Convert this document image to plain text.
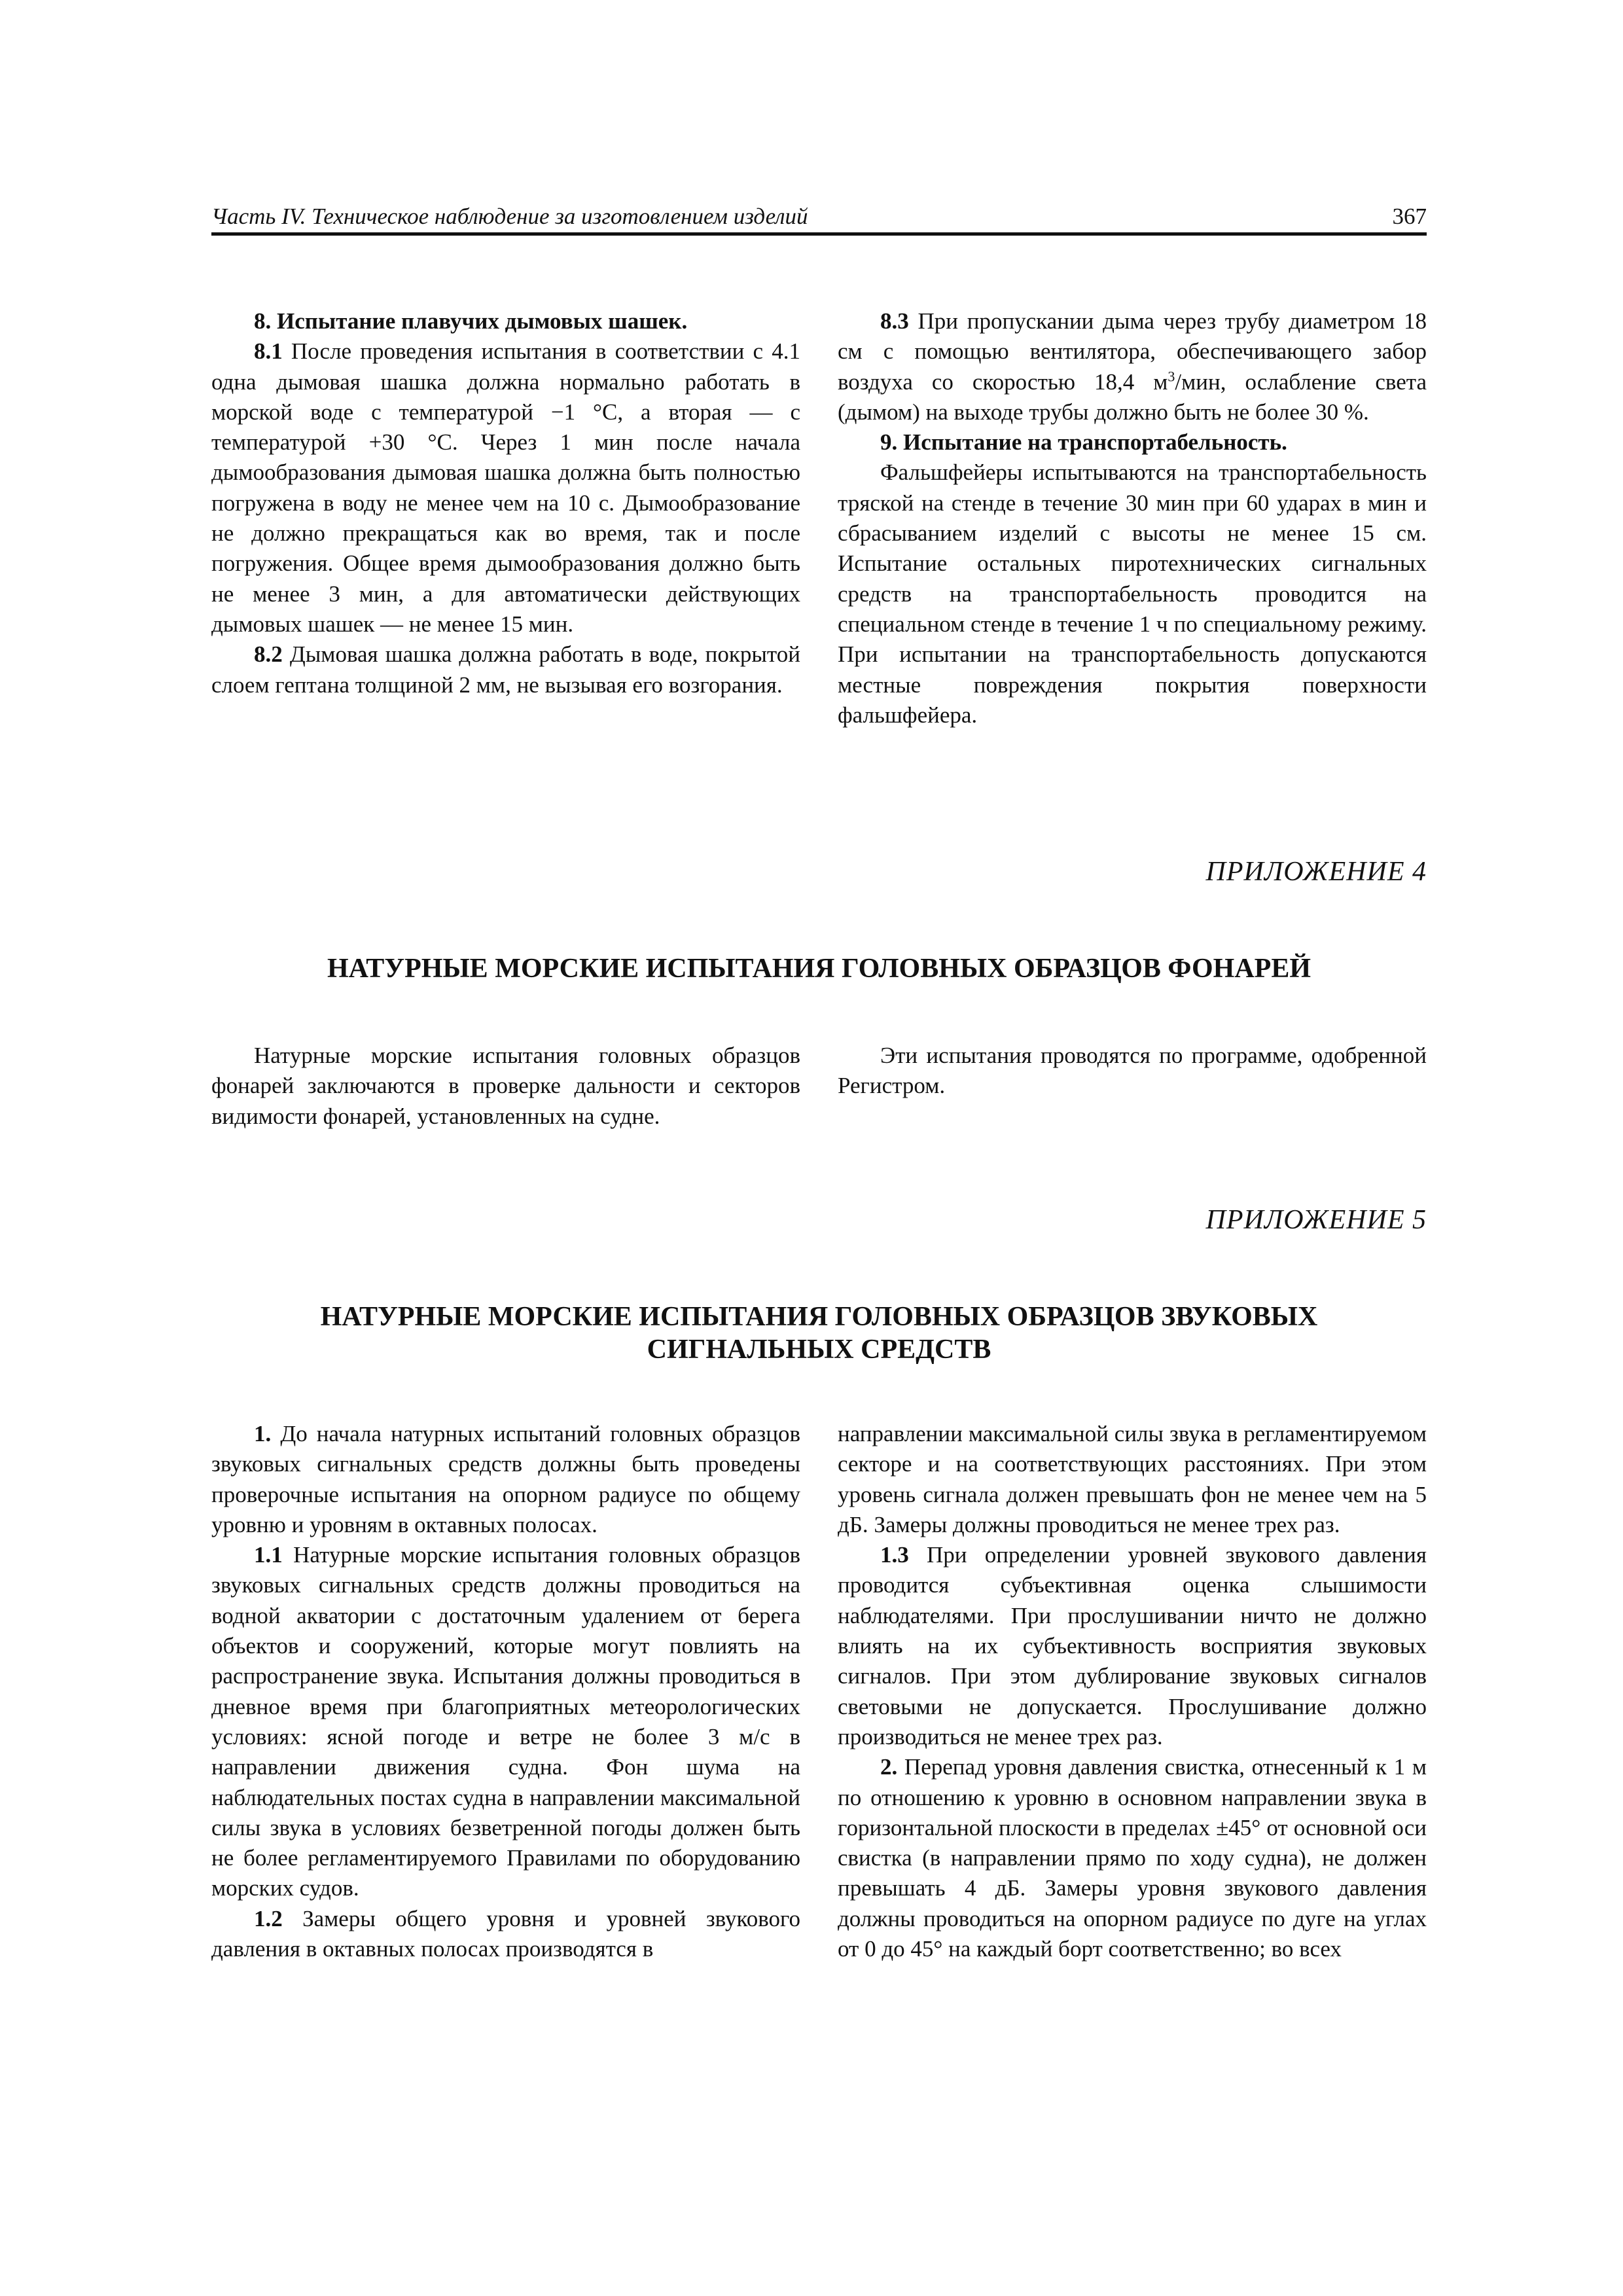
Часть IV. Техническое наблюдение за изготовлением изделий	367

8. Испытание плавучих дымовых шашек.

8.1 После проведения испытания в соответствии с 4.1 одна дымовая шашка должна нормально работать в морской воде с температурой −1 °C, а вторая — с температурой +30 °C. Через 1 мин после начала дымообразования дымовая шашка должна быть полностью погружена в воду не менее чем на 10 с. Дымообразование не должно прекращаться как во время, так и после погружения. Общее время дымообразования должно быть не менее 3 мин, а для автоматически действующих дымовых шашек — не менее 15 мин.

8.2 Дымовая шашка должна работать в воде, покрытой слоем гептана толщиной 2 мм, не вызывая его возгорания.

8.3 При пропускании дыма через трубу диаметром 18 см с помощью вентилятора, обеспечивающего забор воздуха со скоростью 18,4 $м^3$/мин, ослабление света (дымом) на выходе трубы должно быть не более 30 %.

9. Испытание на транспортабельность.

Фальшфейеры испытываются на транспортабельность тряской на стенде в течение 30 мин при 60 ударах в мин и сбрасыванием изделий с высоты не менее 15 см. Испытание остальных пиротехнических сигнальных средств на транспортабельность проводится на специальном стенде в течение 1 ч по специальному режиму. При испытании на транспортабельность допускаются местные повреждения покрытия поверхности фальшфейера.

ПРИЛОЖЕНИЕ 4
НАТУРНЫЕ МОРСКИЕ ИСПЫТАНИЯ ГОЛОВНЫХ ОБРАЗЦОВ ФОНАРЕЙ

Натурные морские испытания головных образцов фонарей заключаются в проверке дальности и секторов видимости фонарей, установленных на судне.

Эти испытания проводятся по программе, одобренной Регистром.

ПРИЛОЖЕНИЕ 5
НАТУРНЫЕ МОРСКИЕ ИСПЫТАНИЯ ГОЛОВНЫХ ОБРАЗЦОВ ЗВУКОВЫХ
СИГНАЛЬНЫХ СРЕДСТВ

1. До начала натурных испытаний головных образцов звуковых сигнальных средств должны быть проведены проверочные испытания на опорном радиусе по общему уровню и уровням в октавных полосах.

1.1 Натурные морские испытания головных образцов звуковых сигнальных средств должны проводиться на водной акватории с достаточным удалением от берега объектов и сооружений, которые могут повлиять на распространение звука. Испытания должны проводиться в дневное время при благоприятных метеорологических условиях: ясной погоде и ветре не более 3 м/с в направлении движения судна. Фон шума на наблюдательных постах судна в направлении максимальной силы звука в условиях безветренной погоды должен быть не более регламентируемого Правилами по оборудованию морских судов.

1.2 Замеры общего уровня и уровней звукового давления в октавных полосах производятся в

направлении максимальной силы звука в регламентируемом секторе и на соответствующих расстояниях. При этом уровень сигнала должен превышать фон не менее чем на 5 дБ. Замеры должны проводиться не менее трех раз.

1.3 При определении уровней звукового давления проводится субъективная оценка слышимости наблюдателями. При прослушивании ничто не должно влиять на их субъективность восприятия звуковых сигналов. При этом дублирование звуковых сигналов световыми не допускается. Прослушивание должно производиться не менее трех раз.

2. Перепад уровня давления свистка, отнесенный к 1 м по отношению к уровню в основном направлении звука в горизонтальной плоскости в пределах ±45° от основной оси свистка (в направлении прямо по ходу судна), не должен превышать 4 дБ. Замеры уровня звукового давления должны проводиться на опорном радиусе по дуге на углах от 0 до 45° на каждый борт соответственно; во всех
